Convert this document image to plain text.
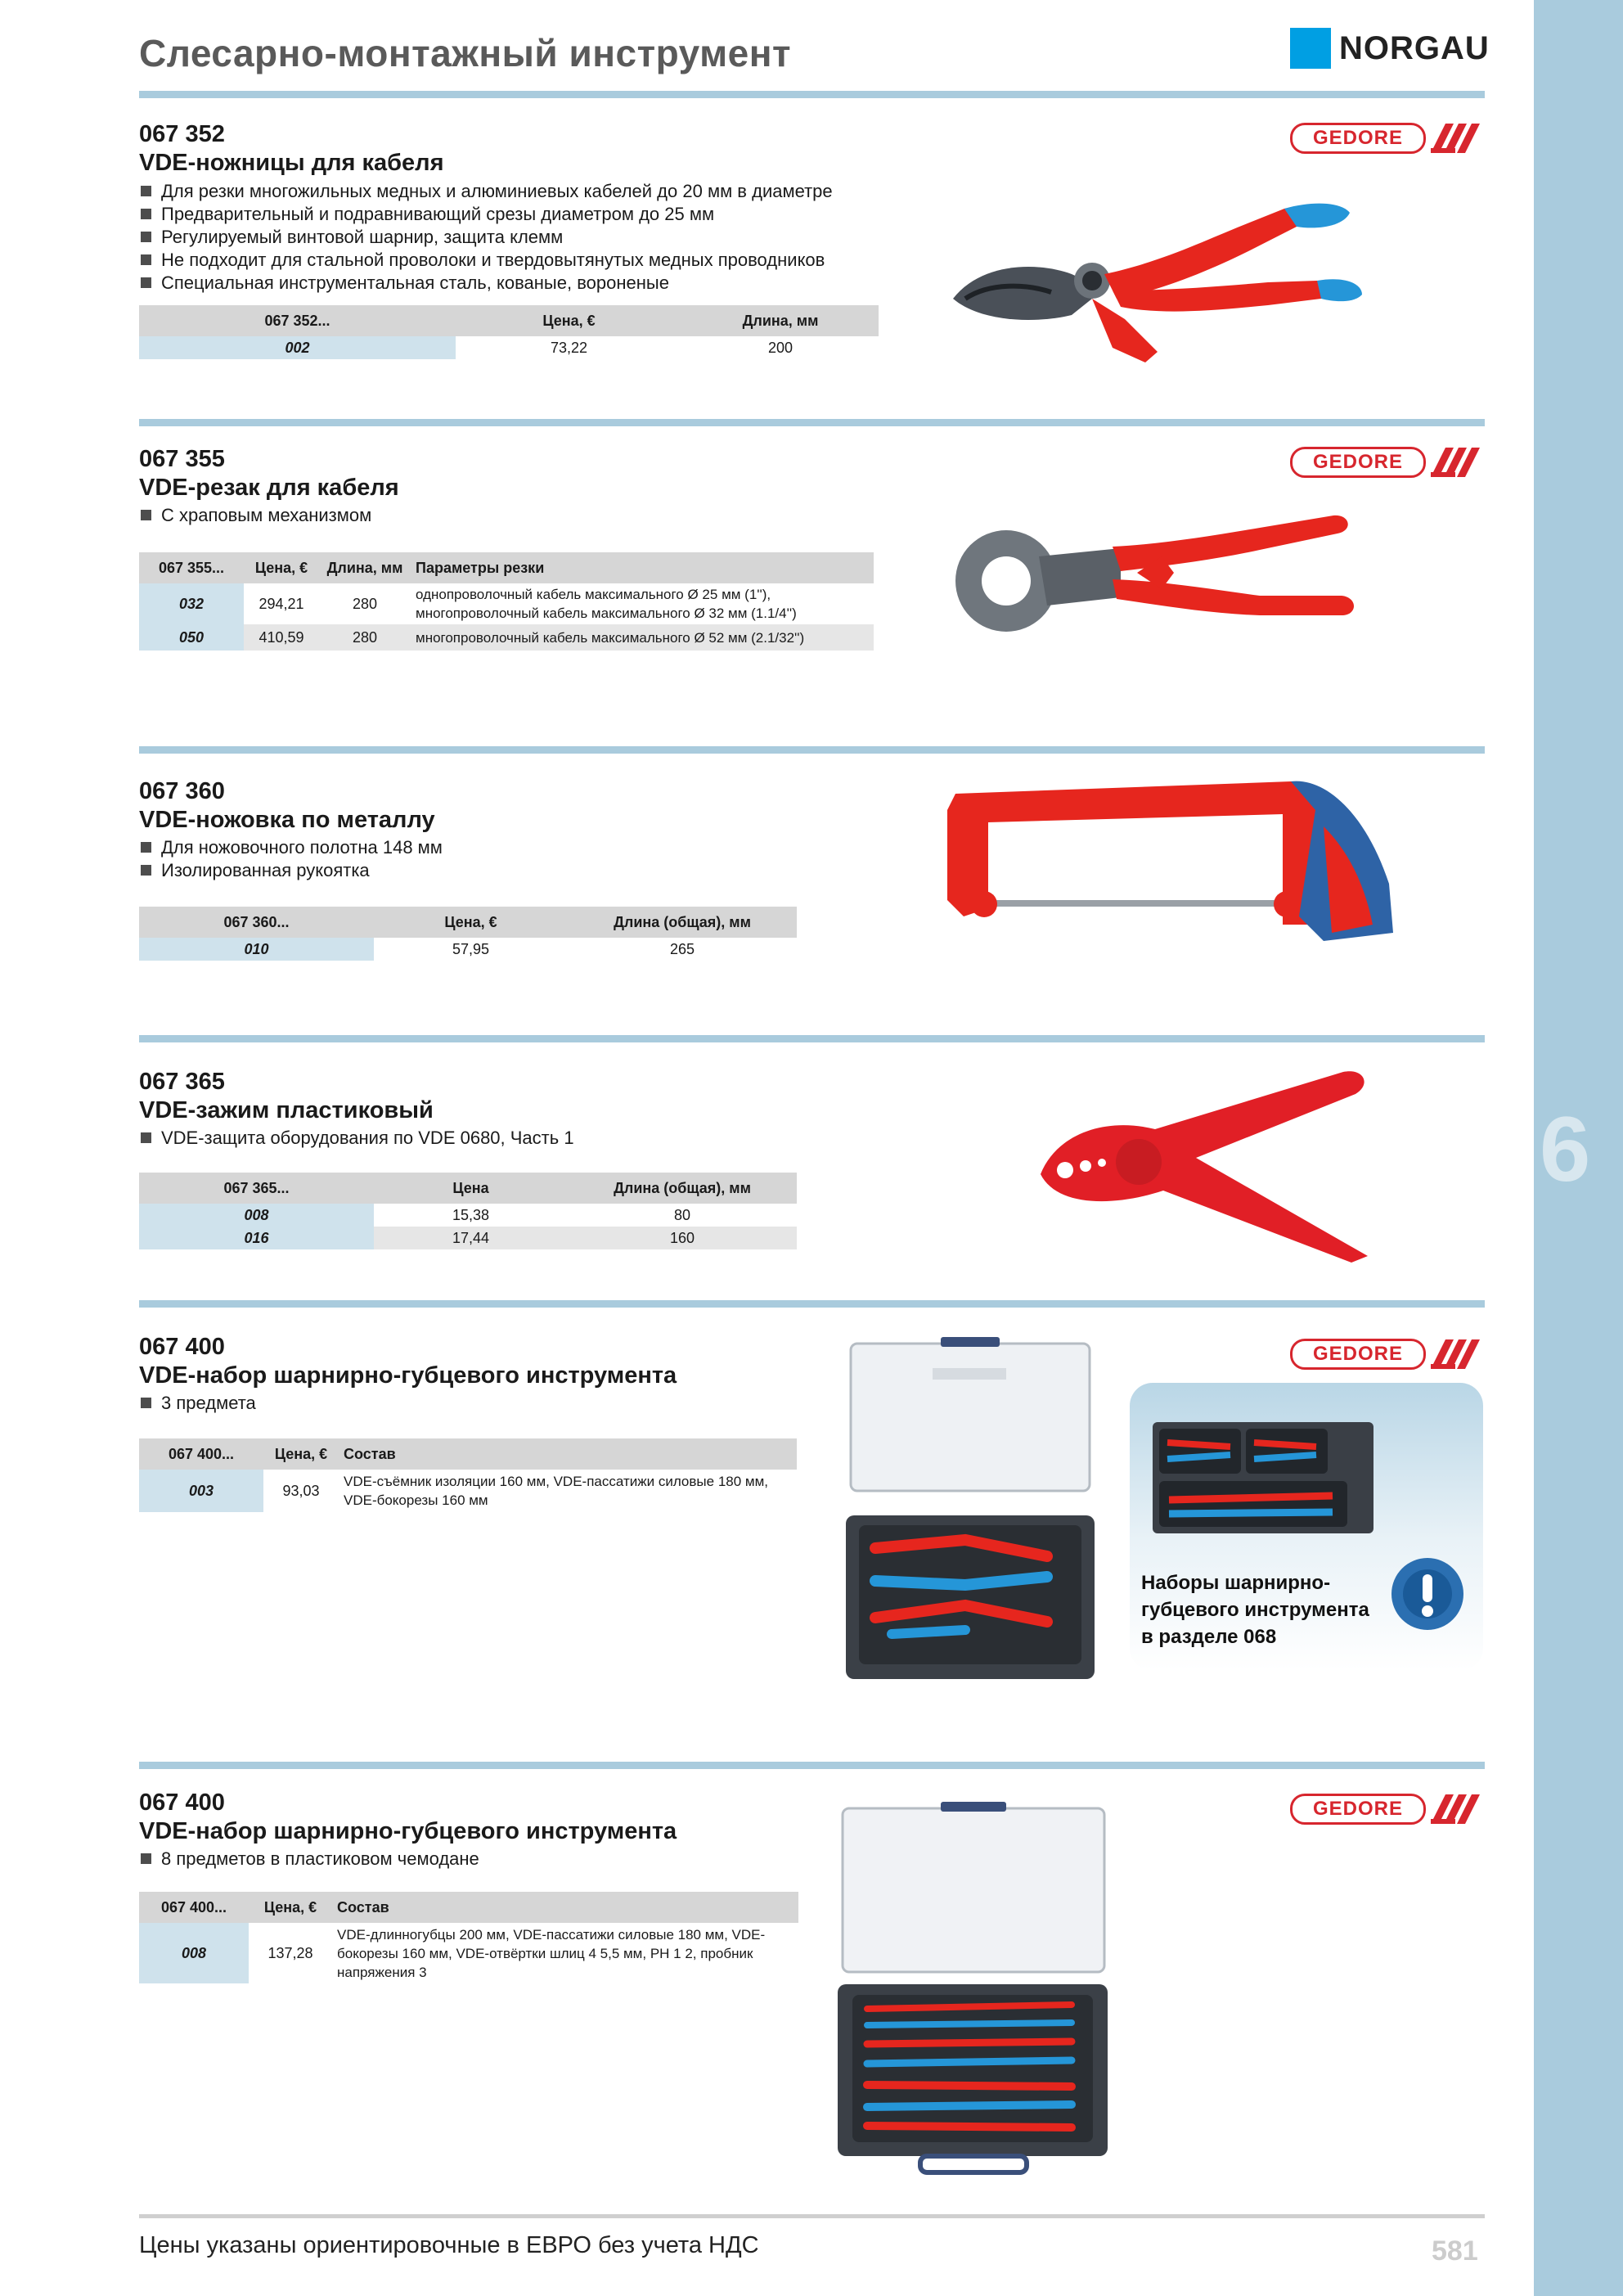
6
Слесарно-монтажный инструмент	NORGAU
067 352
VDE-ножницы для кабеля
Для резки многожильных медных и алюминиевых кабелей до 20 мм в диаметре
Предварительный и подравнивающий срезы диаметром до 25 мм
Регулируемый винтовой шарнир, защита клемм
Не подходит для стальной проволоки и твердовытянутых медных проводников
Специальная инструментальная сталь, кованые, вороненые
067 352...	Цена, €	Длина, мм
002	73,22	200
GEDORE
067 355
VDE-резак для кабеля
С храповым механизмом
067 355...	Цена, €	Длина, мм	Параметры резки
032	294,21	280	однопроволочный кабель максимального Ø 25 мм (1''), многопроволочный кабель максимального Ø 32 мм (1.1/4'')
050	410,59	280	многопроволочный кабель максимального Ø 52 мм (2.1/32'')
GEDORE
067 360
VDE-ножовка по металлу
Для ножовочного полотна 148 мм
Изолированная рукоятка
067 360...	Цена, €	Длина (общая), мм
010	57,95	265
067 365
VDE-зажим пластиковый
VDE-защита оборудования по VDE 0680, Часть 1
067 365...	Цена	Длина (общая), мм
008	15,38	80
016	17,44	160
067 400
VDE-набор шарнирно-губцевого инструмента
3 предмета
067 400...	Цена, €	Состав
003	93,03	VDE-съёмник изоляции 160 мм, VDE-пассатижи силовые 180 мм, VDE-бокорезы 160 мм
GEDORE
Наборы шарнирно-губцевого инструмента в разделе 068
067 400
VDE-набор шарнирно-губцевого инструмента
8 предметов в пластиковом чемодане
067 400...	Цена, €	Состав
008	137,28	VDE-длинногубцы 200 мм, VDE-пассатижи силовые 180 мм, VDE-бокорезы 160 мм, VDE-отвёртки шлиц 4 5,5 мм, PH 1 2, пробник напряжения 3
GEDORE
Цены указаны ориентировочные в ЕВРО без учета НДС	581
